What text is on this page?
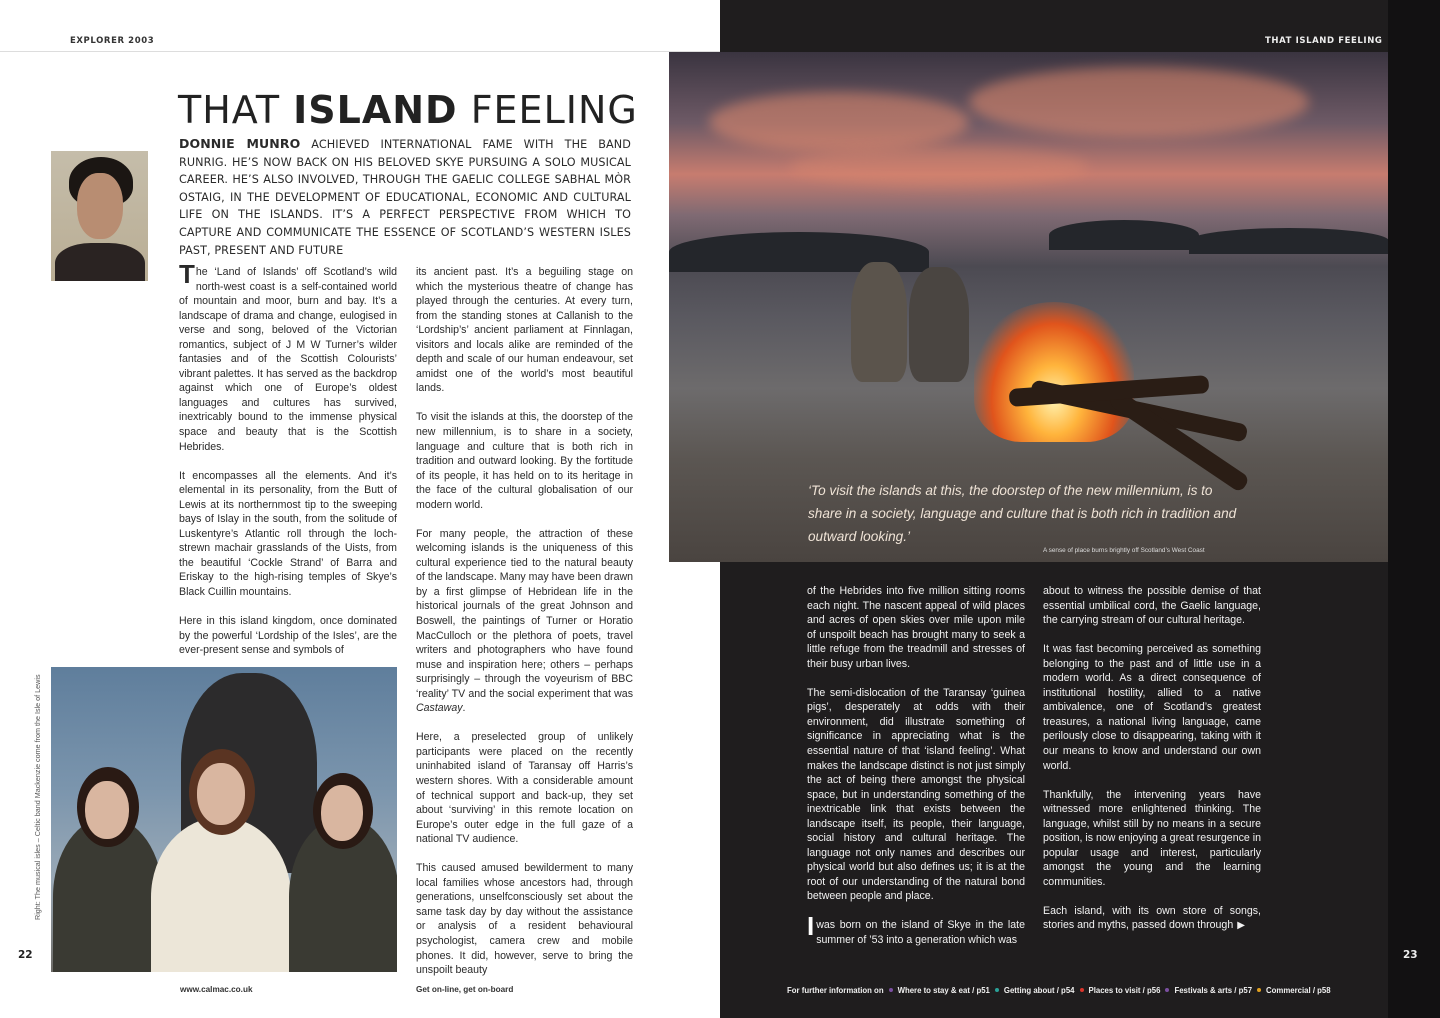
EXPLORER 2003	THAT ISLAND FEELING
THAT ISLAND FEELING
DONNIE MUNRO ACHIEVED INTERNATIONAL FAME WITH THE BAND RUNRIG. HE’S NOW BACK ON HIS BELOVED SKYE PURSUING A SOLO MUSICAL CAREER. HE’S ALSO INVOLVED, THROUGH THE GAELIC COLLEGE SABHAL MÒR OSTAIG, IN THE DEVELOPMENT OF EDUCATIONAL, ECONOMIC AND CULTURAL LIFE ON THE ISLANDS. IT’S A PERFECT PERSPECTIVE FROM WHICH TO CAPTURE AND COMMUNICATE THE ESSENCE OF SCOTLAND’S WESTERN ISLES PAST, PRESENT AND FUTURE

The ‘Land of Islands’ off Scotland’s wild north-west coast is a self-contained world of mountain and moor, burn and bay. It’s a landscape of drama and change, eulogised in verse and song, beloved of the Victorian romantics, subject of J M W Turner’s wilder fantasies and of the Scottish Colourists’ vibrant palettes. It has served as the backdrop against which one of Europe’s oldest languages and cultures has survived, inextricably bound to the immense physical space and beauty that is the Scottish Hebrides.

It encompasses all the elements. And it’s elemental in its personality, from the Butt of Lewis at its northernmost tip to the sweeping bays of Islay in the south, from the solitude of Luskentyre’s Atlantic roll through the loch-strewn machair grasslands of the Uists, from the beautiful ‘Cockle Strand’ of Barra and Eriskay to the high-rising temples of Skye’s Black Cuillin mountains.

Here in this island kingdom, once dominated by the powerful ‘Lordship of the Isles’, are the ever-present sense and symbols of

its ancient past. It’s a beguiling stage on which the mysterious theatre of change has played through the centuries. At every turn, from the standing stones at Callanish to the ‘Lordship’s’ ancient parliament at Finnlagan, visitors and locals alike are reminded of the depth and scale of our human endeavour, set amidst one of the world’s most beautiful lands.

To visit the islands at this, the doorstep of the new millennium, is to share in a society, language and culture that is both rich in tradition and outward looking. By the fortitude of its people, it has held on to its heritage in the face of the cultural globalisation of our modern world.

For many people, the attraction of these welcoming islands is the uniqueness of this cultural experience tied to the natural beauty of the landscape. Many may have been drawn by a first glimpse of Hebridean life in the historical journals of the great Johnson and Boswell, the paintings of Turner or Horatio MacCulloch or the plethora of poets, travel writers and photographers who have found muse and inspiration here; others – perhaps surprisingly – through the voyeurism of BBC ‘reality’ TV and the social experiment that was Castaway.

Here, a preselected group of unlikely participants were placed on the recently uninhabited island of Taransay off Harris’s western shores. With a considerable amount of technical support and back-up, they set about ‘surviving’ in this remote location on Europe’s outer edge in the full gaze of a national TV audience.

This caused amused bewilderment to many local families whose ancestors had, through generations, unselfconsciously set about the same task day by day without the assistance or analysis of a resident behavioural psychologist, camera crew and mobile phones. It did, however, serve to bring the unspoilt beauty

‘To visit the islands at this, the doorstep of the new millennium, is to share in a society, language and culture that is both rich in tradition and outward looking.’
A sense of place burns brightly off Scotland’s West Coast
Right: The musical isles – Celtic band Mackenzie come from the Isle of Lewis

of the Hebrides into five million sitting rooms each night. The nascent appeal of wild places and acres of open skies over mile upon mile of unspoilt beach has brought many to seek a little refuge from the treadmill and stresses of their busy urban lives.

The semi-dislocation of the Taransay ‘guinea pigs’, desperately at odds with their environment, did illustrate something of significance in appreciating what is the essential nature of that ‘island feeling’. What makes the landscape distinct is not just simply the act of being there amongst the physical space, but in understanding something of the inextricable link that exists between the landscape itself, its people, their language, social history and cultural heritage. The language not only names and describes our physical world but also defines us; it is at the root of our understanding of the natural bond between people and place.

I was born on the island of Skye in the late summer of ’53 into a generation which was

about to witness the possible demise of that essential umbilical cord, the Gaelic language, the carrying stream of our cultural heritage.

It was fast becoming perceived as something belonging to the past and of little use in a modern world. As a direct consequence of institutional hostility, allied to a native ambivalence, one of Scotland’s greatest treasures, a national living language, came perilously close to disappearing, taking with it our means to know and understand our own world.

Thankfully, the intervening years have witnessed more enlightened thinking. The language, whilst still by no means in a secure position, is now enjoying a great resurgence in popular usage and interest, particularly amongst the young and the learning communities.

Each island, with its own store of songs, stories and myths, passed down through ▶

22	23
www.calmac.co.uk	Get on-line, get on-board	For further information on Where to stay & eat / p51 Getting about / p54 Places to visit / p56 Festivals & arts / p57 Commercial / p58
